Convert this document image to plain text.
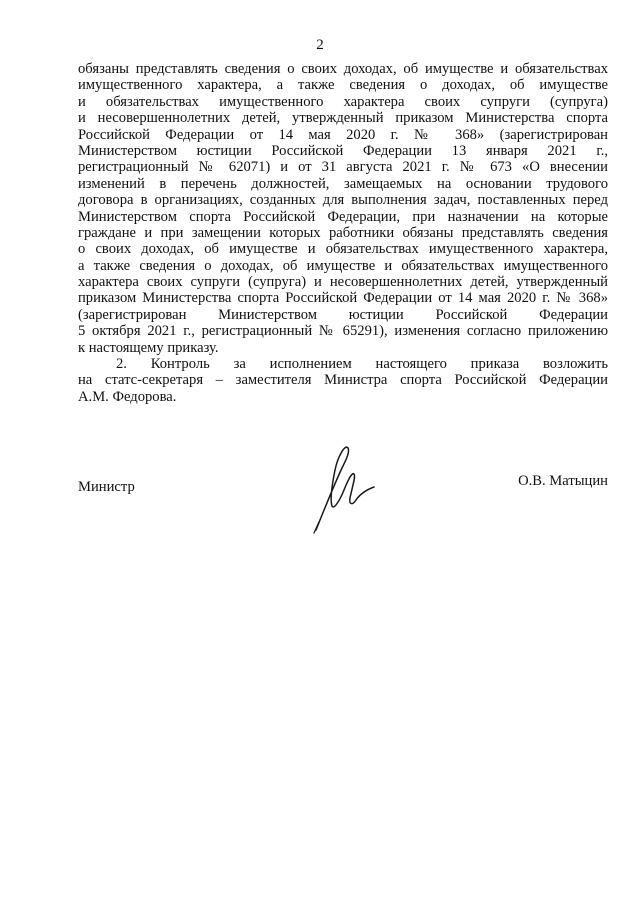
2
обязаны представлять сведения о своих доходах, об имуществе и обязательствах
имущественного характера, а также сведения о доходах, об имуществе
и обязательствах имущественного характера своих супруги (супруга)
и несовершеннолетних детей, утвержденный приказом Министерства спорта
Российской Федерации от 14 мая 2020 г. № 368» (зарегистрирован
Министерством юстиции Российской Федерации 13 января 2021 г.,
регистрационный № 62071) и от 31 августа 2021 г. № 673 «О внесении
изменений в перечень должностей, замещаемых на основании трудового
договора в организациях, созданных для выполнения задач, поставленных перед
Министерством спорта Российской Федерации, при назначении на которые
граждане и при замещении которых работники обязаны представлять сведения
о своих доходах, об имуществе и обязательствах имущественного характера,
а также сведения о доходах, об имуществе и обязательствах имущественного
характера своих супруги (супруга) и несовершеннолетних детей, утвержденный
приказом Министерства спорта Российской Федерации от 14 мая 2020 г. № 368»
(зарегистрирован Министерством юстиции Российской Федерации
5 октября 2021 г., регистрационный № 65291), изменения согласно приложению
к настоящему приказу.
2. Контроль за исполнением настоящего приказа возложить
на статс-секретаря – заместителя Министра спорта Российской Федерации
А.М. Федорова.
Министр	О.В. Матыцин
